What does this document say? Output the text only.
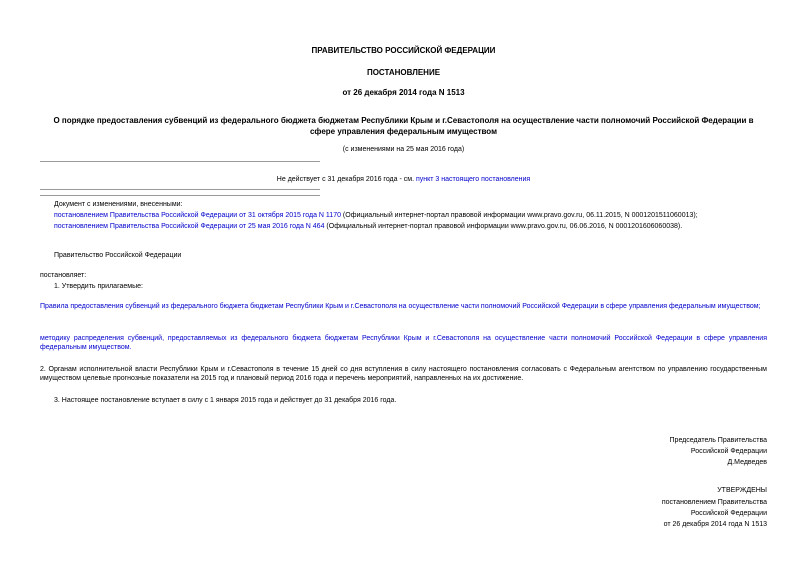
ПРАВИТЕЛЬСТВО РОССИЙСКОЙ ФЕДЕРАЦИИ
ПОСТАНОВЛЕНИЕ
от 26 декабря 2014 года N 1513
О порядке предоставления субвенций из федерального бюджета бюджетам Республики Крым и г.Севастополя на осуществление части полномочий Российской Федерации в сфере управления федеральным имуществом
(с изменениями на 25 мая 2016 года)
Не действует с 31 декабря 2016 года - см. пункт 3 настоящего постановления
Документ с изменениями, внесенными:
постановлением Правительства Российской Федерации от 31 октября 2015 года N 1170 (Официальный интернет-портал правовой информации www.pravo.gov.ru, 06.11.2015, N 0001201511060013);
постановлением Правительства Российской Федерации от 25 мая 2016 года N 464 (Официальный интернет-портал правовой информации www.pravo.gov.ru, 06.06.2016, N 0001201606060038).
Правительство Российской Федерации
постановляет:
1. Утвердить прилагаемые:
Правила предоставления субвенций из федерального бюджета бюджетам Республики Крым и г.Севастополя на осуществление части полномочий Российской Федерации в сфере управления федеральным имуществом;
методику распределения субвенций, предоставляемых из федерального бюджета бюджетам Республики Крым и г.Севастополя на осуществление части полномочий Российской Федерации в сфере управления федеральным имуществом.
2. Органам исполнительной власти Республики Крым и г.Севастополя в течение 15 дней со дня вступления в силу настоящего постановления согласовать с Федеральным агентством по управлению государственным имуществом целевые прогнозные показатели на 2015 год и плановый период 2016 года и перечень мероприятий, направленных на их достижение.
3. Настоящее постановление вступает в силу с 1 января 2015 года и действует до 31 декабря 2016 года.
Председатель Правительства
Российской Федерации
Д.Медведев
УТВЕРЖДЕНЫ
постановлением Правительства
Российской Федерации
от 26 декабря 2014 года N 1513
